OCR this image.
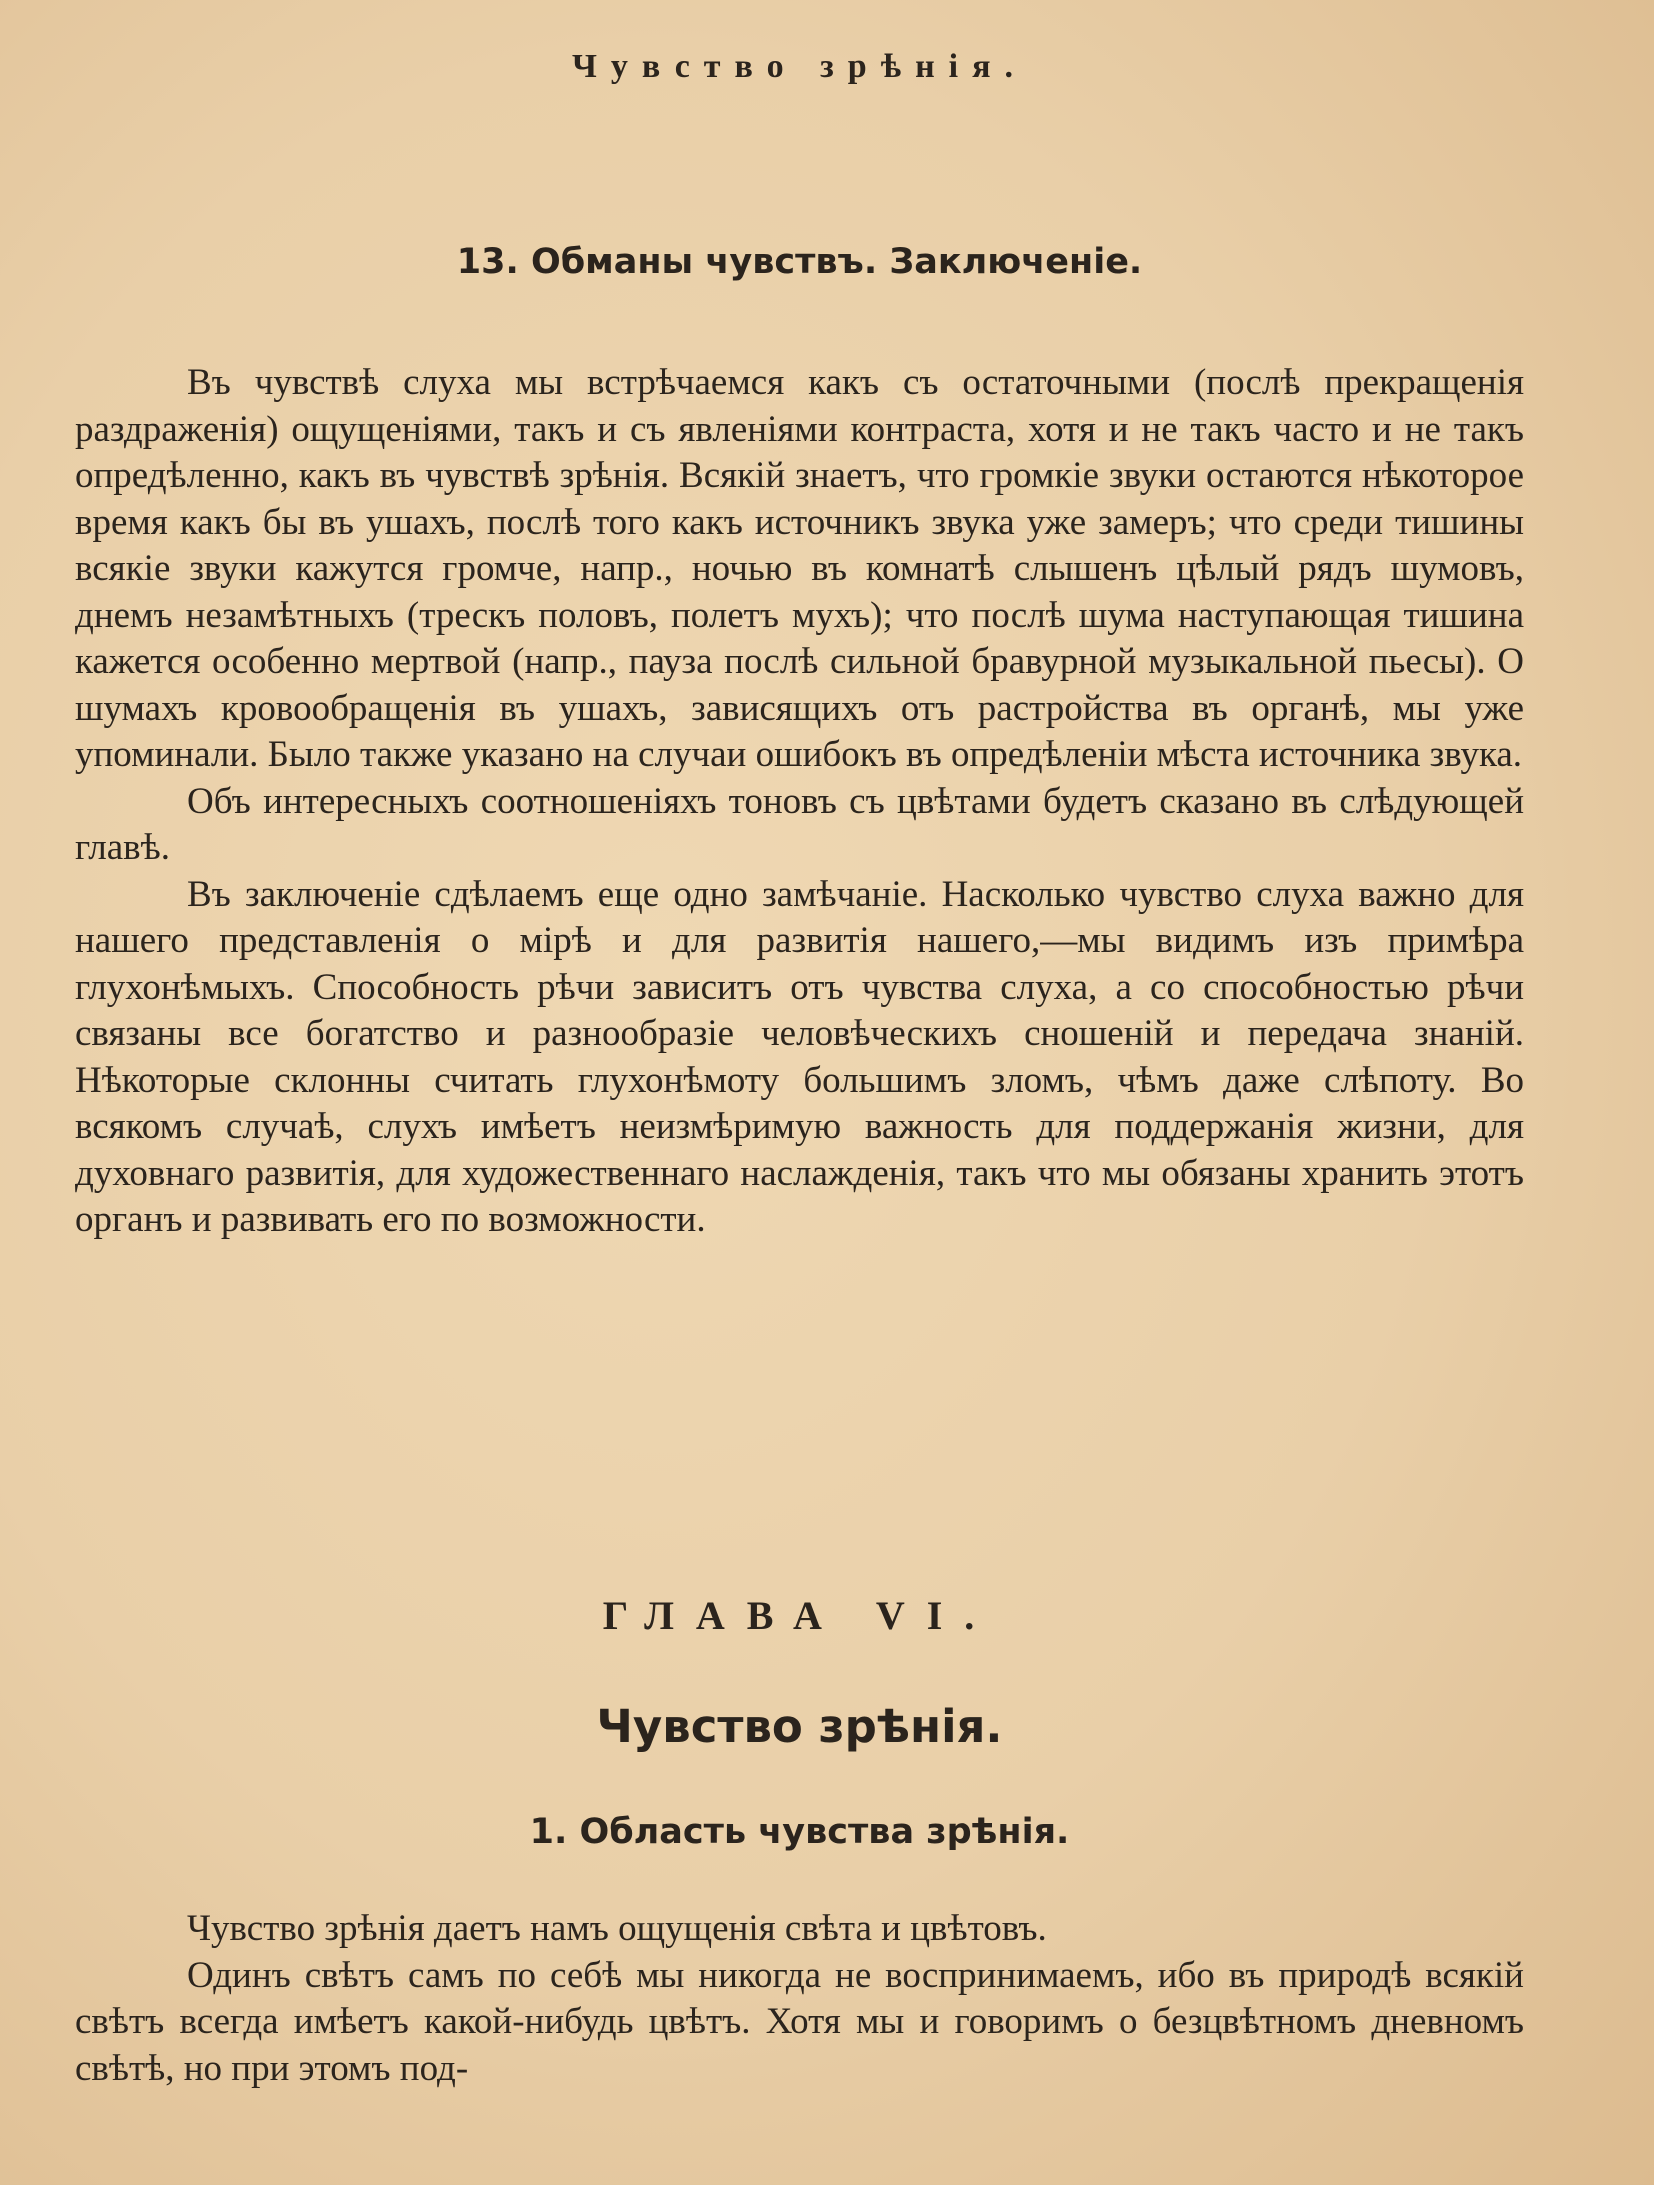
Чувство зрѣнія.
13. Обманы чувствъ. Заключеніе.

Въ чувствѣ слуха мы встрѣчаемся какъ съ остаточными (послѣ прекращенія раздраженія) ощущеніями, такъ и съ явленіями контраста, хотя и не такъ часто и не такъ опредѣленно, какъ въ чувствѣ зрѣнія. Всякій знаетъ, что громкіе звуки остаются нѣкоторое время какъ бы въ ушахъ, послѣ того какъ источникъ звука уже замеръ; что среди тишины всякіе звуки кажутся громче, напр., ночью въ комнатѣ слышенъ цѣлый рядъ шумовъ, днемъ незамѣтныхъ (трескъ половъ, полетъ мухъ); что послѣ шума наступающая тишина кажется особенно мертвой (напр., пауза послѣ сильной бравурной музыкальной пьесы). О шумахъ кровообращенія въ ушахъ, зависящихъ отъ растройства въ органѣ, мы уже упоминали. Было также указано на случаи ошибокъ въ опредѣленіи мѣста источника звука.

Объ интересныхъ соотношеніяхъ тоновъ съ цвѣтами будетъ сказано въ слѣдующей главѣ.

Въ заключеніе сдѣлаемъ еще одно замѣчаніе. Насколько чувство слуха важно для нашего представленія о мірѣ и для развитія нашего,—мы видимъ изъ примѣра глухонѣмыхъ. Способность рѣчи зависитъ отъ чувства слуха, а со способностью рѣчи связаны все богатство и разнообразіе человѣческихъ сношеній и передача знаній. Нѣкоторые склонны считать глухонѣмоту большимъ зломъ, чѣмъ даже слѣпоту. Во всякомъ случаѣ, слухъ имѣетъ неизмѣримую важность для поддержанія жизни, для духовнаго развитія, для художественнаго наслажденія, такъ что мы обязаны хранить этотъ органъ и развивать его по возможности.

ГЛАВА VI.
Чувство зрѣнія.
1. Область чувства зрѣнія.

Чувство зрѣнія даетъ намъ ощущенія свѣта и цвѣтовъ.

Одинъ свѣтъ самъ по себѣ мы никогда не воспринимаемъ, ибо въ природѣ всякій свѣтъ всегда имѣетъ какой-нибудь цвѣтъ. Хотя мы и говоримъ о безцвѣтномъ дневномъ свѣтѣ, но при этомъ под-
